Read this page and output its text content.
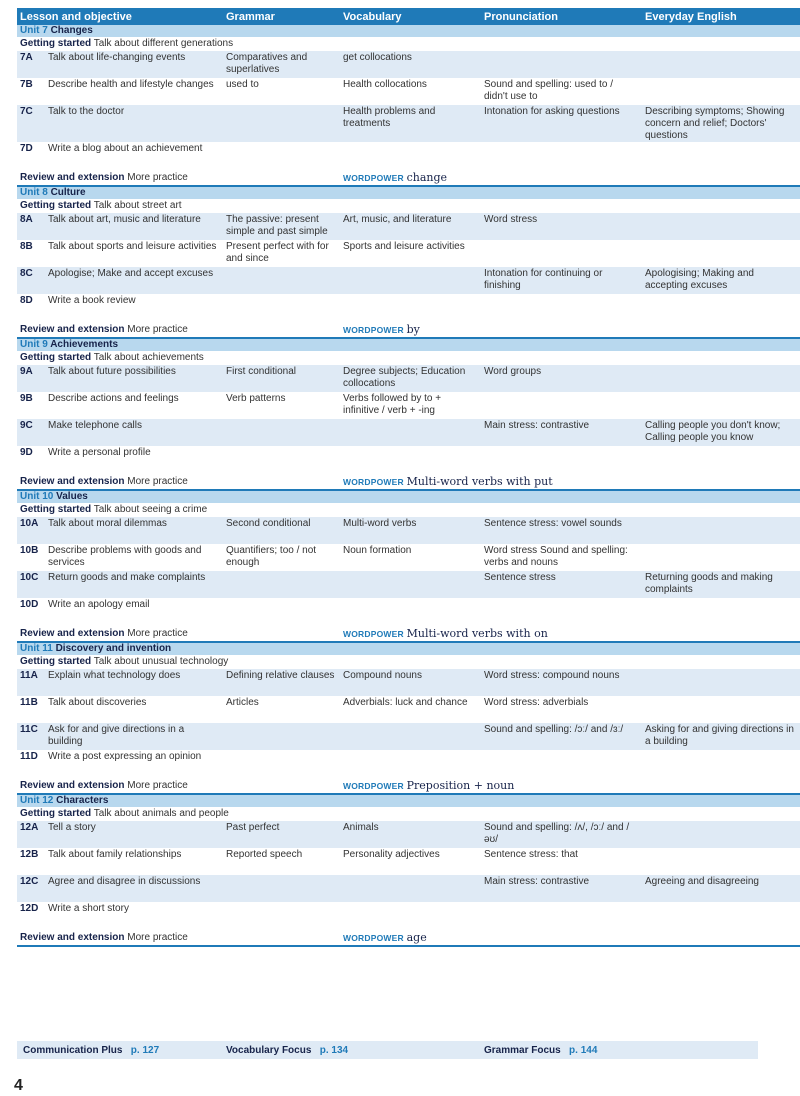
Lesson and objective	Grammar	Vocabulary	Pronunciation	Everyday English
Unit 7 Changes				
Getting started Talk about different generations				
7A Talk about life-changing events	Comparatives and superlatives	get collocations		
7B Describe health and lifestyle changes	used to	Health collocations	Sound and spelling: used to / didn't use to	
7C Talk to the doctor		Health problems and treatments	Intonation for asking questions	Describing symptoms; Showing concern and relief; Doctors' questions
7D Write a blog about an achievement				
Review and extension More practice		WORDPOWER change		
Unit 8 Culture				
Getting started Talk about street art				
8A Talk about art, music and literature	The passive: present simple and past simple	Art, music, and literature	Word stress	
8B Talk about sports and leisure activities	Present perfect with for and since	Sports and leisure activities		
8C Apologise; Make and accept excuses			Intonation for continuing or finishing	Apologising; Making and accepting excuses
8D Write a book review				
Review and extension More practice		WORDPOWER by		
Unit 9 Achievements				
Getting started Talk about achievements				
9A Talk about future possibilities	First conditional	Degree subjects; Education collocations	Word groups	
9B Describe actions and feelings	Verb patterns	Verbs followed by to + infinitive / verb + -ing		
9C Make telephone calls			Main stress: contrastive	Calling people you don't know; Calling people you know
9D Write a personal profile				
Review and extension More practice		WORDPOWER Multi-word verbs with put		
Unit 10 Values				
Getting started Talk about seeing a crime				
10A Talk about moral dilemmas	Second conditional	Multi-word verbs	Sentence stress: vowel sounds	
10B Describe problems with goods and services	Quantifiers; too / not enough	Noun formation	Word stress Sound and spelling: verbs and nouns	
10C Return goods and make complaints			Sentence stress	Returning goods and making complaints
10D Write an apology email				
Review and extension More practice		WORDPOWER Multi-word verbs with on		
Unit 11 Discovery and invention				
Getting started Talk about unusual technology				
11A Explain what technology does	Defining relative clauses	Compound nouns	Word stress: compound nouns	
11B Talk about discoveries	Articles	Adverbials: luck and chance	Word stress: adverbials	
11C Ask for and give directions in a building			Sound and spelling: /ɔː/ and /ɜː/	Asking for and giving directions in a building
11D Write a post expressing an opinion				
Review and extension More practice		WORDPOWER Preposition + noun		
Unit 12 Characters				
Getting started Talk about animals and people				
12A Tell a story	Past perfect	Animals	Sound and spelling: /ʌ/, /ɔː/ and /əʊ/	
12B Talk about family relationships	Reported speech	Personality adjectives	Sentence stress: that	
12C Agree and disagree in discussions			Main stress: contrastive	Agreeing and disagreeing
12D Write a short story				
Review and extension More practice		WORDPOWER age		
Communication Plus p. 127	Vocabulary Focus p. 134	Grammar Focus p. 144
4
